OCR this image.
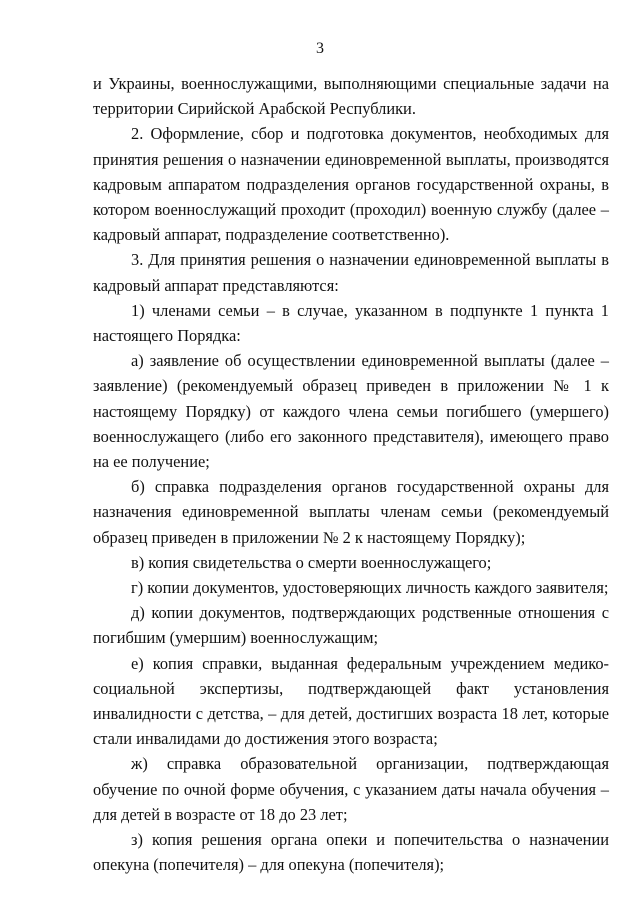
3

и Украины, военнослужащими, выполняющими специальные задачи на территории Сирийской Арабской Республики.

2. Оформление, сбор и подготовка документов, необходимых для принятия решения о назначении единовременной выплаты, производятся кадровым аппаратом подразделения органов государственной охраны, в котором военнослужащий проходит (проходил) военную службу (далее – кадровый аппарат, подразделение соответственно).

3. Для принятия решения о назначении единовременной выплаты в кадровый аппарат представляются:

1) членами семьи – в случае, указанном в подпункте 1 пункта 1 настоящего Порядка:

а) заявление об осуществлении единовременной выплаты (далее – заявление) (рекомендуемый образец приведен в приложении № 1 к настоящему Порядку) от каждого члена семьи погибшего (умершего) военнослужащего (либо его законного представителя), имеющего право на ее получение;

б) справка подразделения органов государственной охраны для назначения единовременной выплаты членам семьи (рекомендуемый образец приведен в приложении № 2 к настоящему Порядку);

в) копия свидетельства о смерти военнослужащего;

г) копии документов, удостоверяющих личность каждого заявителя;

д) копии документов, подтверждающих родственные отношения с погибшим (умершим) военнослужащим;

е) копия справки, выданная федеральным учреждением медико-социальной экспертизы, подтверждающей факт установления инвалидности с детства, – для детей, достигших возраста 18 лет, которые стали инвалидами до достижения этого возраста;

ж) справка образовательной организации, подтверждающая обучение по очной форме обучения, с указанием даты начала обучения – для детей в возрасте от 18 до 23 лет;

з) копия решения органа опеки и попечительства о назначении опекуна (попечителя) – для опекуна (попечителя);
